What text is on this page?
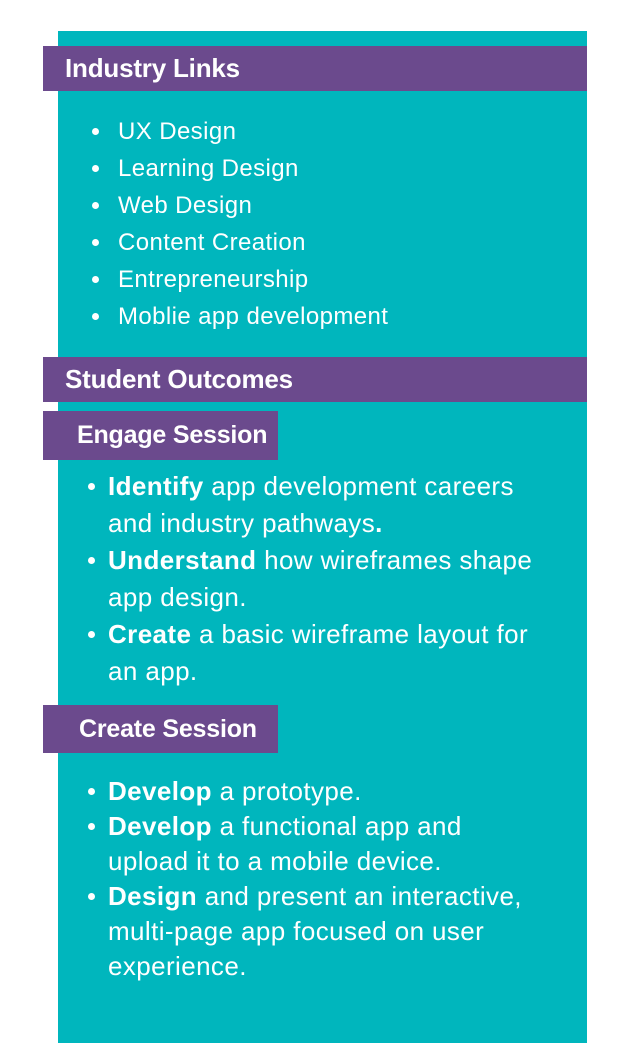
Industry Links
UX Design
Learning Design
Web Design
Content Creation
Entrepreneurship
Moblie app development
Student Outcomes
Engage Session
Identify app development careers and industry pathways.
Understand how wireframes shape app design.
Create a basic wireframe layout for an app.
Create Session
Develop a prototype.
Develop a functional app and upload it to a mobile device.
Design and present an interactive, multi-page app focused on user experience.
